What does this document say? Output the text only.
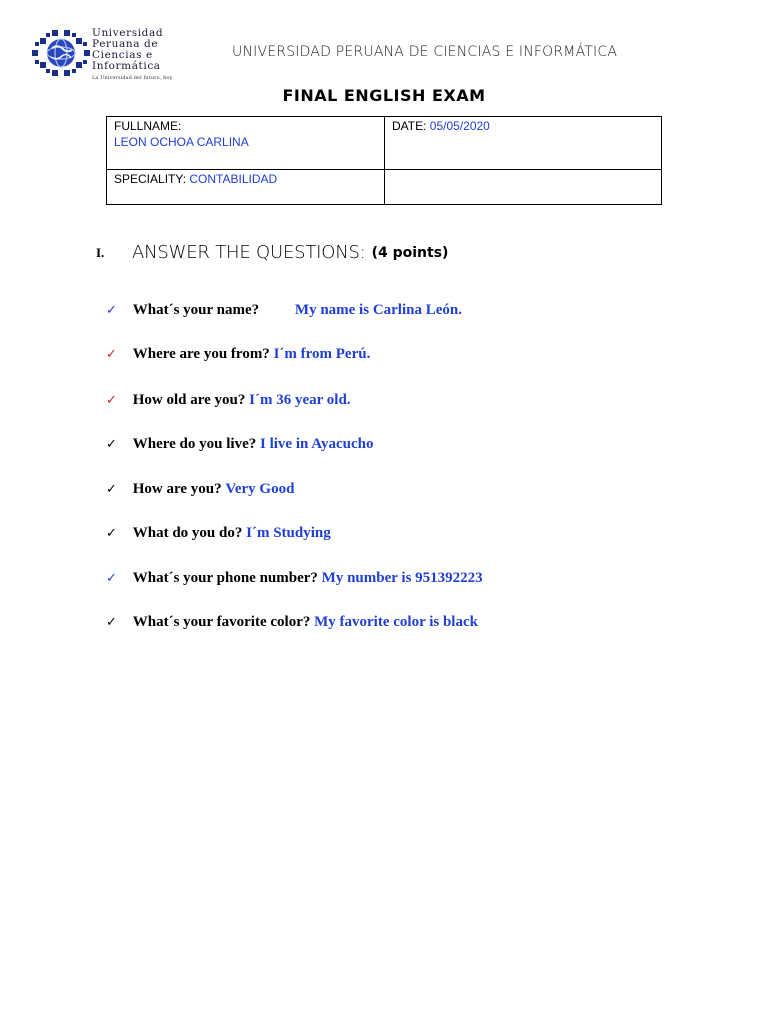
Universidad
Peruana de
Ciencias e
Informática
La Universidad del futuro, hoy
UNIVERSIDAD PERUANA DE CIENCIAS E INFORMÁTICA
FINAL ENGLISH EXAM
FULLNAME:
LEON OCHOA CARLINA	DATE: 05/05/2020
SPECIALITY: CONTABILIDAD	
I. ANSWER THE QUESTIONS: (4 points)
✓ What´s your name? My name is Carlina León.
✓ Where are you from? I´m from Perú.
✓ How old are you? I´m 36 year old.
✓ Where do you live? I live in Ayacucho
✓ How are you? Very Good
✓ What do you do? I´m Studying
✓ What´s your phone number? My number is 951392223
✓ What´s your favorite color? My favorite color is black
